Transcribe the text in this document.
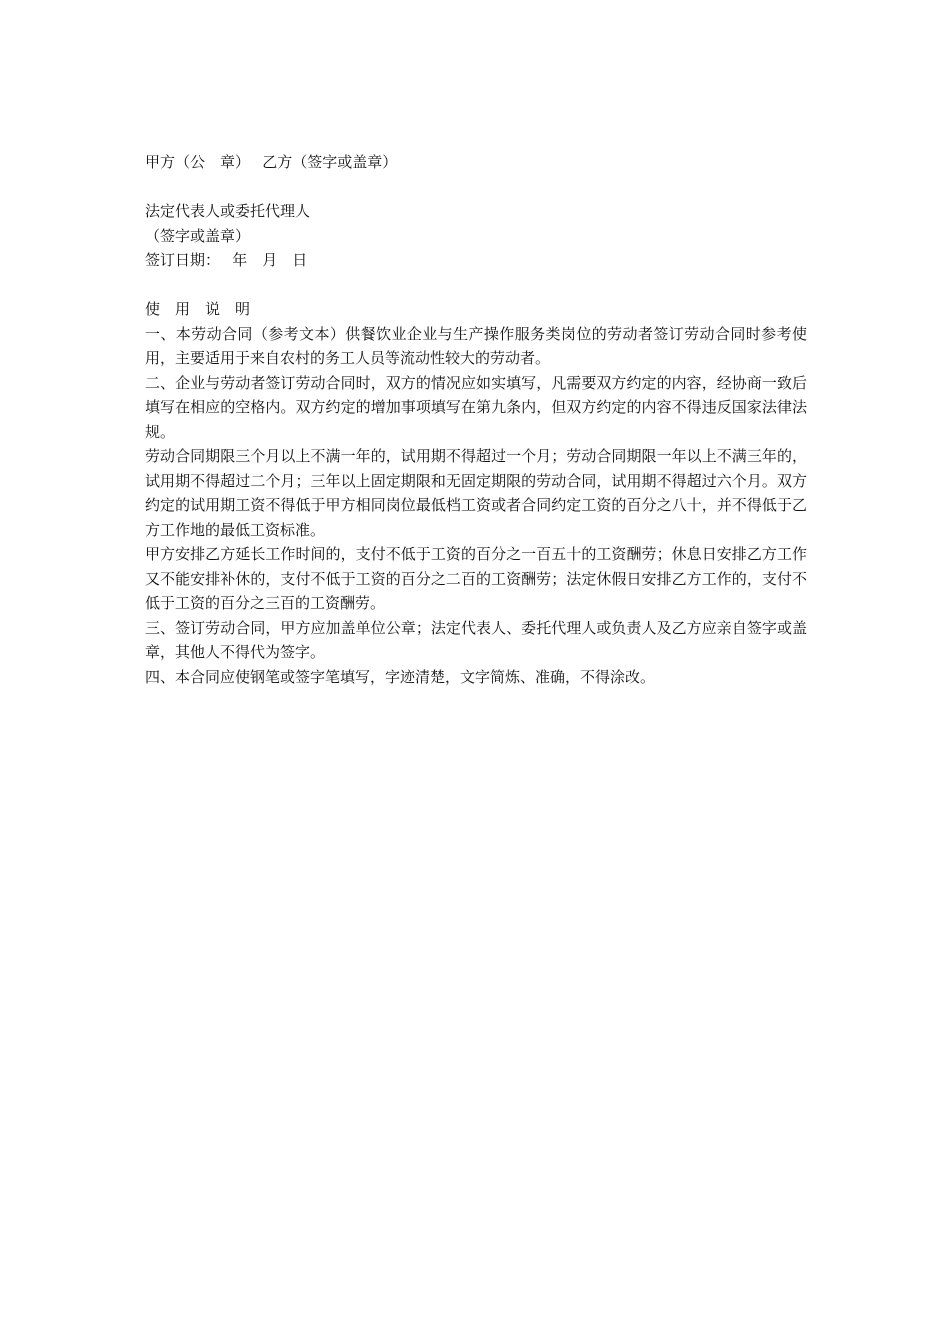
甲方（公　章）　 乙方（签字或盖章）

法定代表人或委托代理人

（签字或盖章）

签订日期：　 年　月　日

使　用　说　明

一、本劳动合同（参考文本）供餐饮业企业与生产操作服务类岗位的劳动者签订劳动合同时参考使用，主要适用于来自农村的务工人员等流动性较大的劳动者。

二、企业与劳动者签订劳动合同时，双方的情况应如实填写，凡需要双方约定的内容，经协商一致后填写在相应的空格内。双方约定的增加事项填写在第九条内，但双方约定的内容不得违反国家法律法规。

劳动合同期限三个月以上不满一年的，试用期不得超过一个月；劳动合同期限一年以上不满三年的，试用期不得超过二个月；三年以上固定期限和无固定期限的劳动合同，试用期不得超过六个月。双方约定的试用期工资不得低于甲方相同岗位最低档工资或者合同约定工资的百分之八十，并不得低于乙方工作地的最低工资标准。

甲方安排乙方延长工作时间的，支付不低于工资的百分之一百五十的工资酬劳；休息日安排乙方工作又不能安排补休的，支付不低于工资的百分之二百的工资酬劳；法定休假日安排乙方工作的，支付不低于工资的百分之三百的工资酬劳。

三、签订劳动合同，甲方应加盖单位公章；法定代表人、委托代理人或负责人及乙方应亲自签字或盖章，其他人不得代为签字。

四、本合同应使钢笔或签字笔填写，字迹清楚，文字简炼、准确，不得涂改。
